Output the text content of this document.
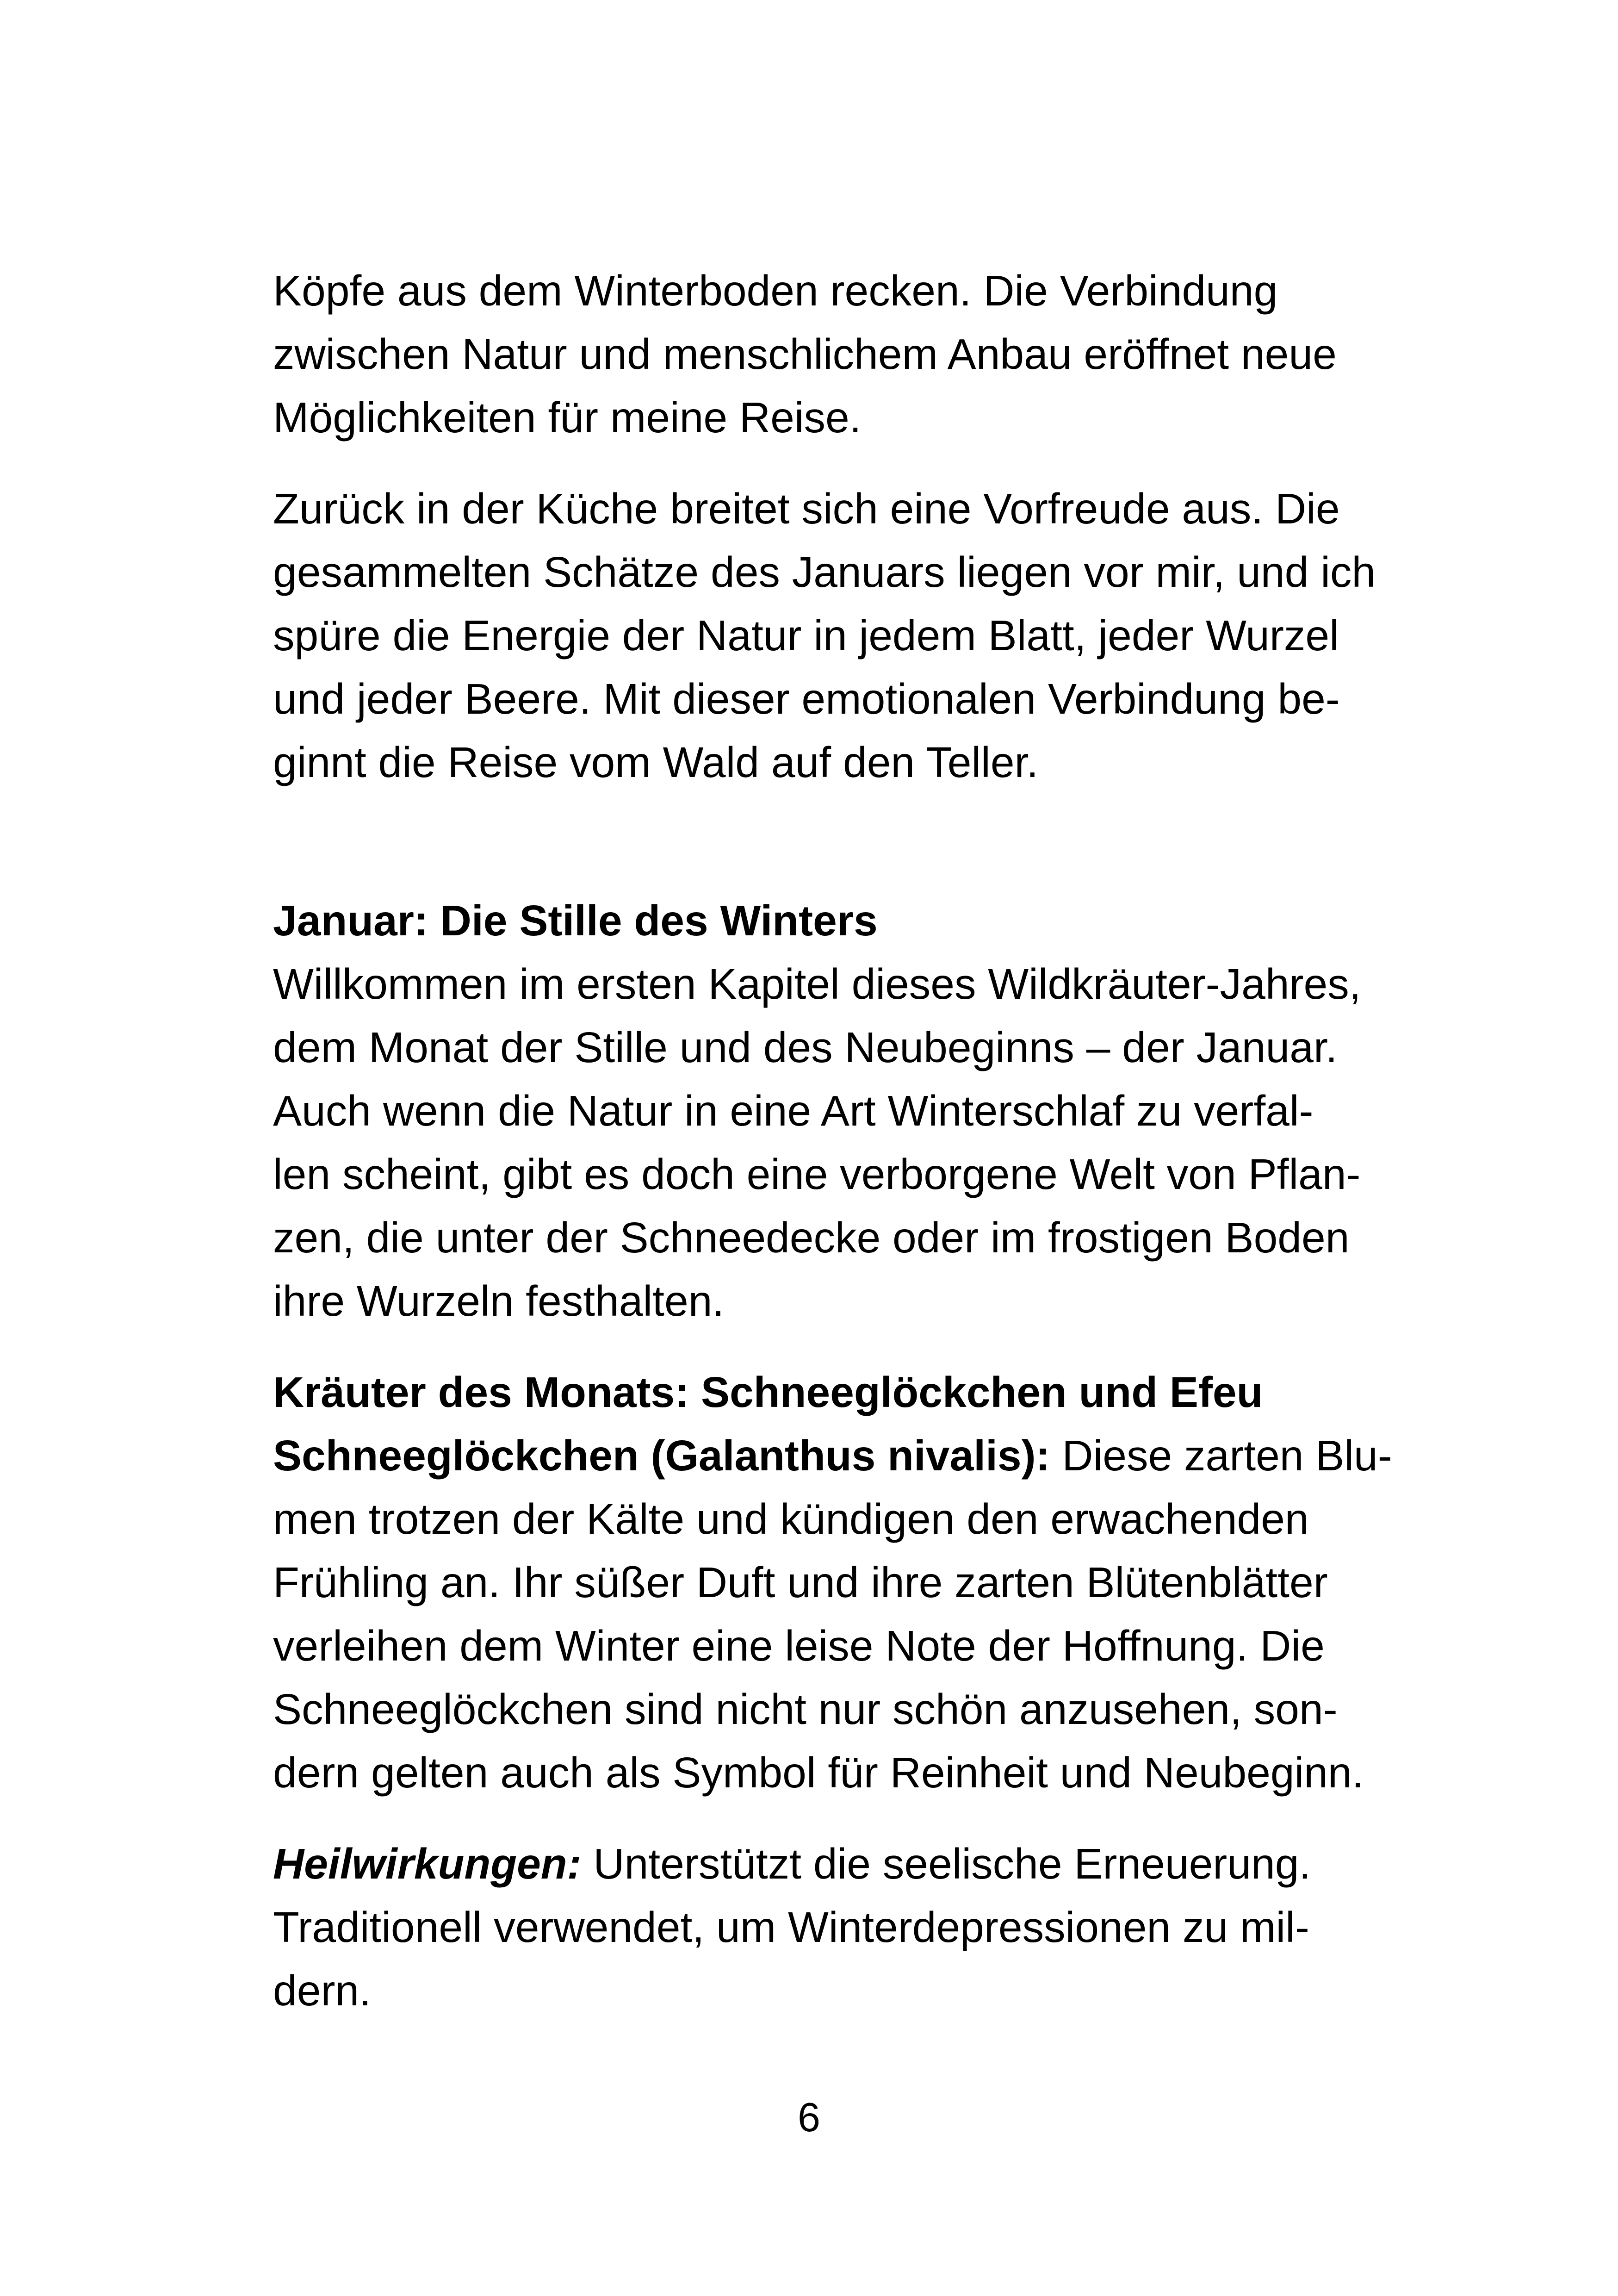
Köpfe aus dem Winterboden recken. Die Verbindung
zwischen Natur und menschlichem Anbau eröffnet neue
Möglichkeiten für meine Reise.
Zurück in der Küche breitet sich eine Vorfreude aus. Die
gesammelten Schätze des Januars liegen vor mir, und ich
spüre die Energie der Natur in jedem Blatt, jeder Wurzel
und jeder Beere. Mit dieser emotionalen Verbindung be-
ginnt die Reise vom Wald auf den Teller.
Januar: Die Stille des Winters
Willkommen im ersten Kapitel dieses Wildkräuter-Jahres,
dem Monat der Stille und des Neubeginns – der Januar.
Auch wenn die Natur in eine Art Winterschlaf zu verfal-
len scheint, gibt es doch eine verborgene Welt von Pflan-
zen, die unter der Schneedecke oder im frostigen Boden
ihre Wurzeln festhalten.
Kräuter des Monats: Schneeglöckchen und Efeu
Schneeglöckchen (Galanthus nivalis): Diese zarten Blu-
men trotzen der Kälte und kündigen den erwachenden
Frühling an. Ihr süßer Duft und ihre zarten Blütenblätter
verleihen dem Winter eine leise Note der Hoffnung. Die
Schneeglöckchen sind nicht nur schön anzusehen, son-
dern gelten auch als Symbol für Reinheit und Neubeginn.
Heilwirkungen: Unterstützt die seelische Erneuerung.
Traditionell verwendet, um Winterdepressionen zu mil-
dern.
6
